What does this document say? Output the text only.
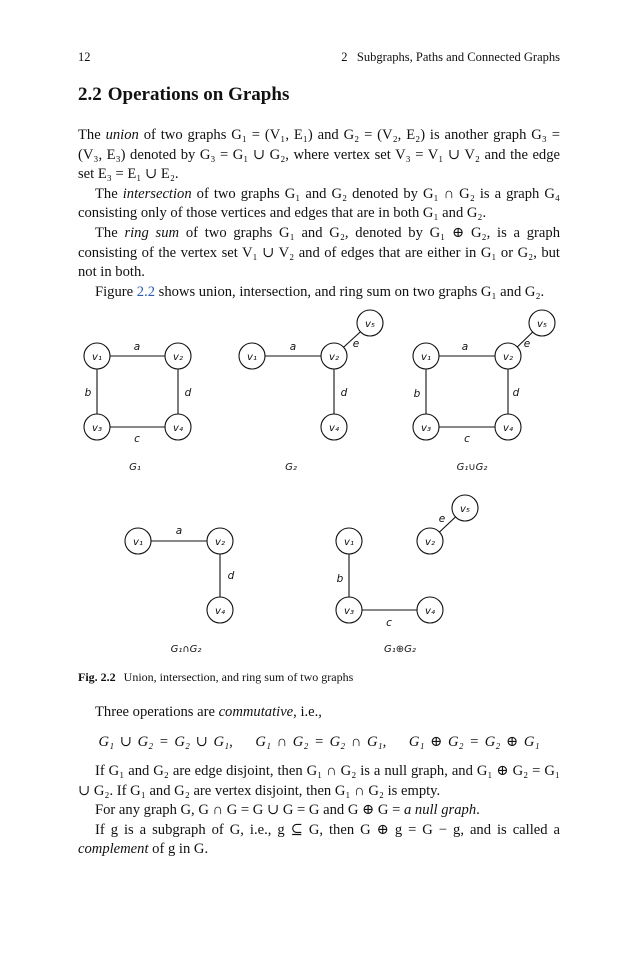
12	2   Subgraphs, Paths and Connected Graphs
2.2 Operations on Graphs

The union of two graphs G₁ = (V₁, E₁) and G₂ = (V₂, E₂) is another graph G₃ = (V₃, E₃) denoted by G₃ = G₁ ∪ G₂, where vertex set V₃ = V₁ ∪ V₂ and the edge set E₃ = E₁ ∪ E₂.

The intersection of two graphs G₁ and G₂ denoted by G₁ ∩ G₂ is a graph G₄ consisting only of those vertices and edges that are in both G₁ and G₂.

The ring sum of two graphs G₁ and G₂, denoted by G₁ ⊕ G₂, is a graph consisting of the vertex set V₁ ∪ V₂ and of edges that are either in G₁ or G₂, but not in both.

Figure 2.2 shows union, intersection, and ring sum on two graphs G₁ and G₂.

v₁	v₂
v₃	v₄
v₁	v₂
v₄
v₅
v₁	v₂
v₃	v₄
v₅
v₁	v₂
v₄
v₁	v₂
v₃	v₄
v₅
a
b
c
d
a	e
d
a
b
c
d
e
a
d	b
c
e
G₁	G₂	G₁∪G₂
G₁∩G₂	G₁⊕G₂
Fig. 2.2 Union, intersection, and ring sum of two graphs

Three operations are commutative, i.e.,

G₁ ∪ G₂ = G₂ ∪ G₁,    G₁ ∩ G₂ = G₂ ∩ G₁,    G₁ ⊕ G₂ = G₂ ⊕ G₁

If G₁ and G₂ are edge disjoint, then G₁ ∩ G₂ is a null graph, and G₁ ⊕ G₂ = G₁ ∪ G₂. If G₁ and G₂ are vertex disjoint, then G₁ ∩ G₂ is empty.

For any graph G, G ∩ G = G ∪ G = G and G ⊕ G = a null graph.

If g is a subgraph of G, i.e., g ⊆ G, then G ⊕ g = G − g, and is called a complement of g in G.
